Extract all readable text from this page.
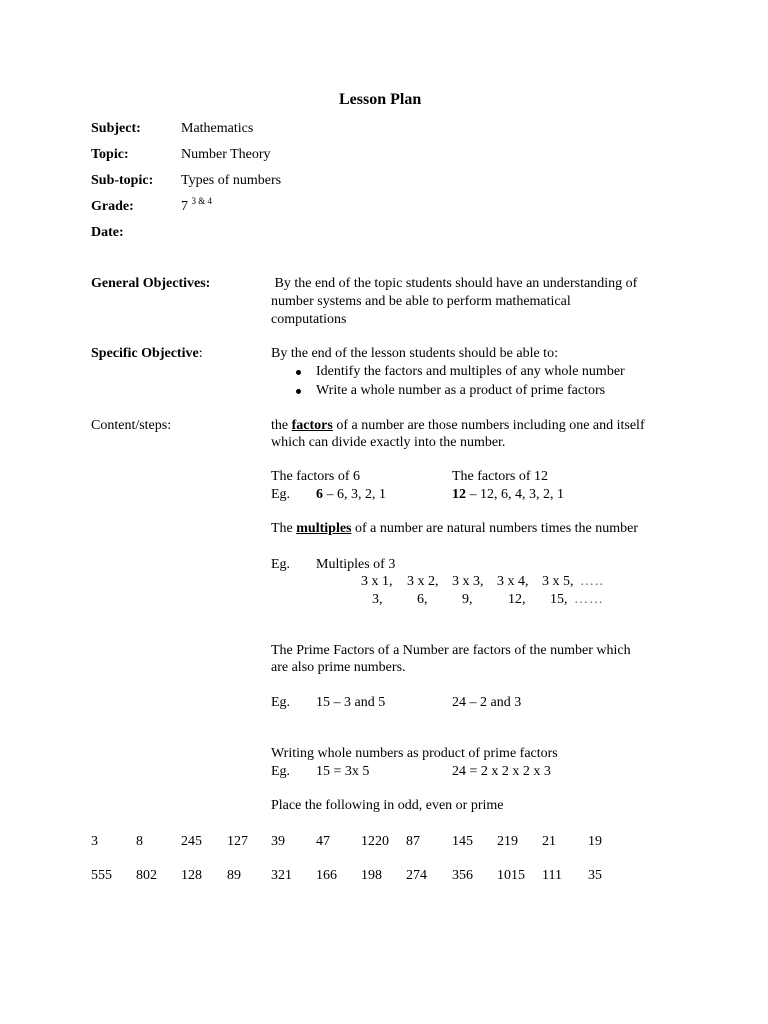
Lesson Plan
Subject:	Mathematics
Topic:	Number Theory
Sub-topic: Types of numbers
Grade:	7 $^{3 \& 4}$
Date:
General Objectives:	By the end of the topic students should have an understanding of
number systems and be able to perform mathematical
computations
Specific Objective:	By the end of the lesson students should be able to:
Identify the factors and multiples of any whole number
Write a whole number as a product of prime factors
Content/steps:	the factors of a number are those numbers including one and itself
which can divide exactly into the number.
The factors of 6	The factors of 12
Eg. 6 – 6, 3, 2, 1	12 – 12, 6, 4, 3, 2, 1
The multiples of a number are natural numbers times the number
Eg. Multiples of 3
3 x 1, 3 x 2, 3 x 3, 3 x 4, 3 x 5, …..
3, 6, 9,	12, 15, ……
The Prime Factors of a Number are factors of the number which
are also prime numbers.
Eg. 15 – 3 and 5	24 – 2 and 3
Writing whole numbers as product of prime factors
Eg. 15 = 3x 5	24 = 2 x 2 x 2 x 3
Place the following in odd, even or prime
3	8	245 127 39 47 1220 87 145 219 21 19
555 802 128 89 321 166 198 274 356 1015 111 35
